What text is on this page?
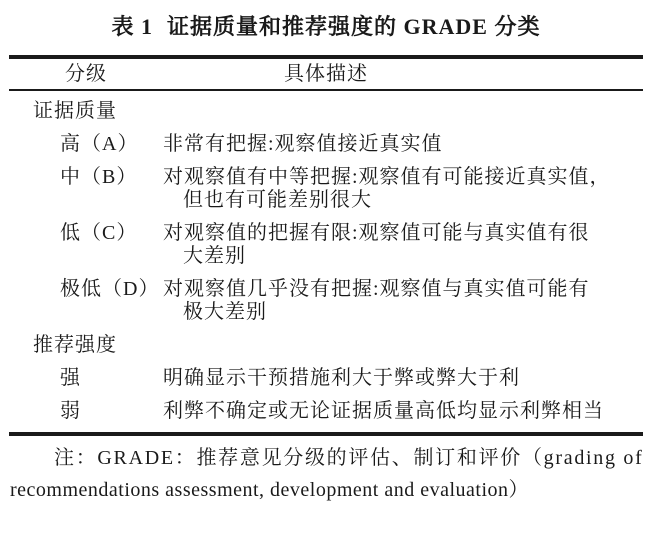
表 1 证据质量和推荐强度的 GRADE 分类
分级	具体描述
证据质量
高（A）	非常有把握:观察值接近真实值
中（B）	对观察值有中等把握:观察值有可能接近真实值，
但也有可能差别很大
低（C）	对观察值的把握有限:观察值可能与真实值有很
大差别
极低（D） 对观察值几乎没有把握:观察值与真实值可能有
极大差别
推荐强度
强	明确显示干预措施利大于弊或弊大于利
弱	利弊不确定或无论证据质量高低均显示利弊相当
注：GRADE：推荐意见分级的评估、制订和评价（grading of
recommendations assessment, development and evaluation）
